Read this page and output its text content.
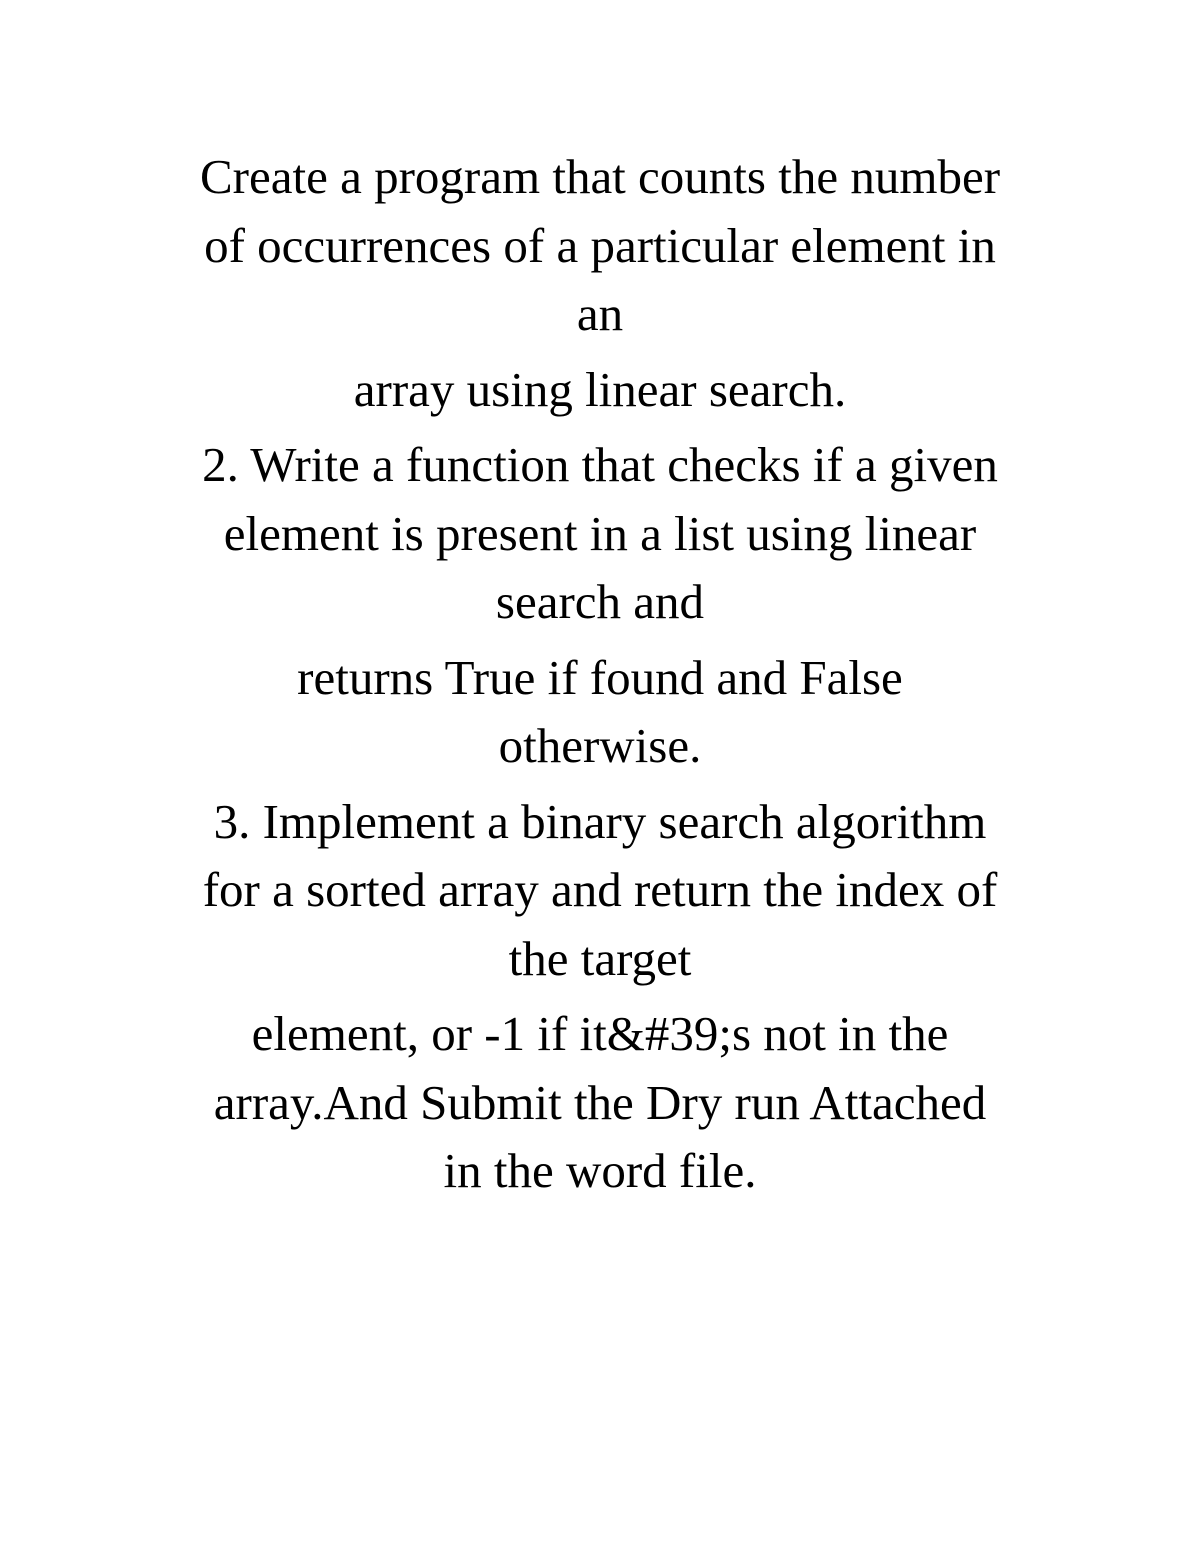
Create a program that counts the number
of occurrences of a particular element in
an

array using linear search.

2. Write a function that checks if a given
element is present in a list using linear
search and

returns True if found and False
otherwise.

3. Implement a binary search algorithm
for a sorted array and return the index of
the target

element, or -1 if it&#39;s not in the
array.And Submit the Dry run Attached
in the word file.
